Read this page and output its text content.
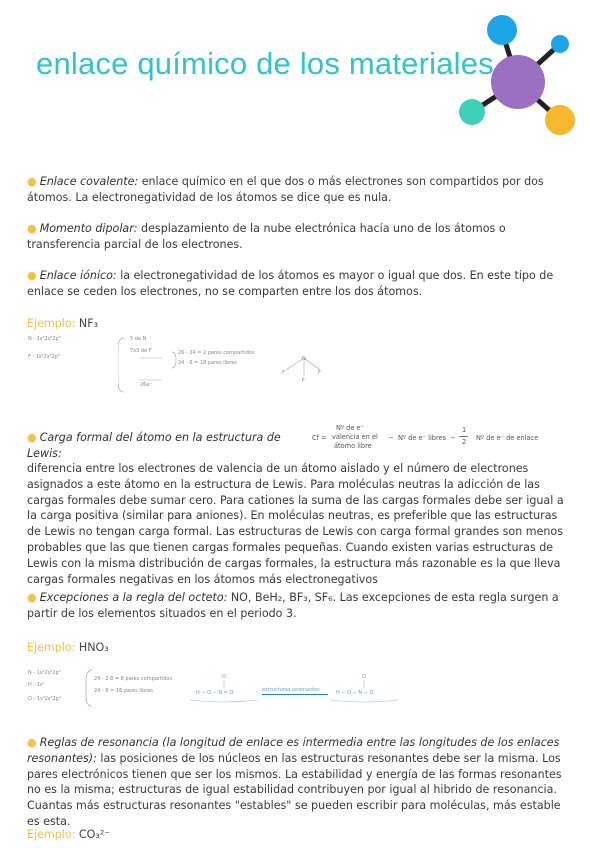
enlace químico de los materiales
● Enlace covalente: enlace químico en el que dos o más electrones son compartidos por dos átomos. La electronegatividad de los átomos se dice que es nula.
● Momento dipolar: desplazamiento de la nube electrónica hacía uno de los átomos o transferencia parcial de los electrones.
● Enlace iónico: la electronegatividad de los átomos es mayor o igual que dos. En este tipo de enlace se ceden los electrones, no se comparten entre los dos átomos.
Ejemplo: NF₃
N - 1s²2s²2p³
F - 1s²2s²2p⁵
5 de N
7x3 de F
26e⁻
26 - 24 = 2 pares compartidos
24 - 6 = 18 pares libres
N
F	F
F
● Carga formal del átomo en la estructura de Lewis:
Cf =
Nº de e⁻
valencia en el
átomo libre
− Nº de e⁻ libres −
1
2 Nº de e⁻ de enlace
diferencia entre los electrones de valencia de un átomo aislado y el número de electrones asignados a este átomo en la estructura de Lewis. Para moléculas neutras la adicción de las cargas formales debe sumar cero. Para cationes la suma de las cargas formales debe ser igual a la carga positiva (similar para aniones). En moléculas neutras, es preferible que las estructuras de Lewis no tengan carga formal. Las estructuras de Lewis con carga formal grandes son menos probables que las que tienen cargas formales pequeñas. Cuando existen varias estructuras de Lewis con la misma distribución de cargas formales, la estructura más razonable es la que lleva cargas formales negativas en los átomos más electronegativos
● Excepciones a la regla del octeto: NO, BeH₂, BF₃, SF₆. Las excepciones de esta regla surgen a partir de los elementos situados en el periodo 3.
Ejemplo: HNO₃
N - 1s²2s²2p³
H - 1s¹
O - 1s²2s²2p⁴
24 - 2·8 = 8 pares compartidos
24 - 8 = 16 pares libres	estructuras resonantes
H − O − N = O
O
H − O − N − O
O
● Reglas de resonancia (la longitud de enlace es intermedia entre las longitudes de los enlaces resonantes): las posiciones de los núcleos en las estructuras resonantes debe ser la misma. Los pares electrónicos tienen que ser los mismos. La estabilidad y energía de las formas resonantes no es la misma; estructuras de igual estabilidad contribuyen por igual al hibrido de resonancia. Cuantas más estructuras resonantes "estables" se pueden escribir para moléculas, más estable es esta.
Ejemplo: CO₃²⁻
